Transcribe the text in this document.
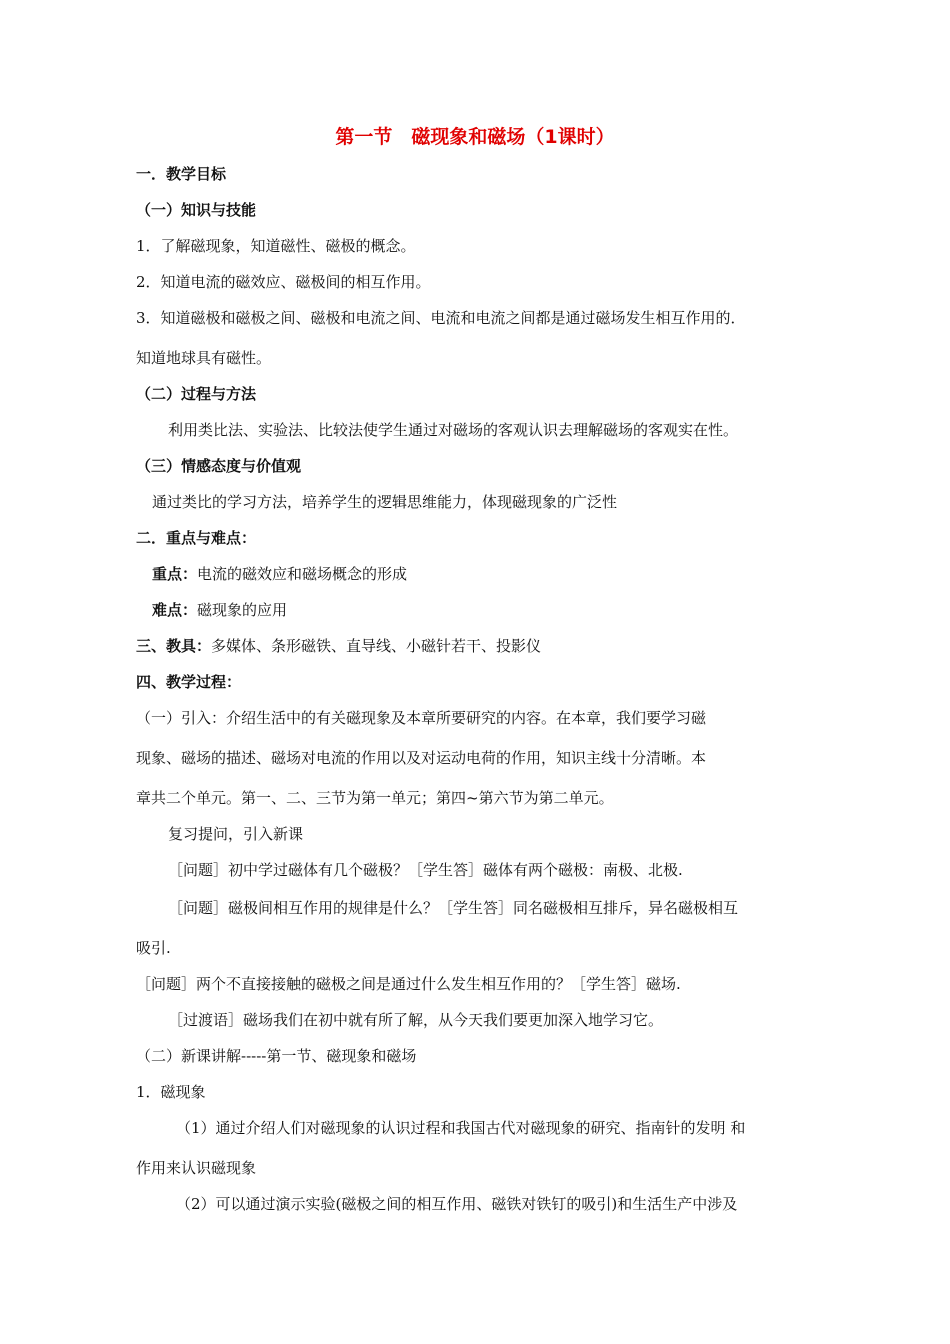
第一节　磁现象和磁场（1课时）
一．教学目标
（一）知识与技能
1．了解磁现象，知道磁性、磁极的概念。
2．知道电流的磁效应、磁极间的相互作用。
3．知道磁极和磁极之间、磁极和电流之间、电流和电流之间都是通过磁场发生相互作用的．
知道地球具有磁性。
（二）过程与方法
利用类比法、实验法、比较法使学生通过对磁场的客观认识去理解磁场的客观实在性。
（三）情感态度与价值观
通过类比的学习方法，培养学生的逻辑思维能力，体现磁现象的广泛性
二．重点与难点：
重点：电流的磁效应和磁场概念的形成
难点：磁现象的应用
三、教具：多媒体、条形磁铁、直导线、小磁针若干、投影仪
四、教学过程：
（一）引入：介绍生活中的有关磁现象及本章所要研究的内容。在本章，我们要学习磁
现象、磁场的描述、磁场对电流的作用以及对运动电荷的作用，知识主线十分清晰。本
章共二个单元。第一、二、三节为第一单元；第四~第六节为第二单元。
复习提问，引入新课
［问题］初中学过磁体有几个磁极？［学生答］磁体有两个磁极：南极、北极.
［问题］磁极间相互作用的规律是什么？［学生答］同名磁极相互排斥，异名磁极相互
吸引.
［问题］两个不直接接触的磁极之间是通过什么发生相互作用的？［学生答］磁场.
［过渡语］磁场我们在初中就有所了解，从今天我们要更加深入地学习它。
（二）新课讲解-----第一节、磁现象和磁场
1．磁现象
（1）通过介绍人们对磁现象的认识过程和我国古代对磁现象的研究、指南针的发明 和
作用来认识磁现象
（2）可以通过演示实验(磁极之间的相互作用、磁铁对铁钉的吸引)和生活生产中涉及
